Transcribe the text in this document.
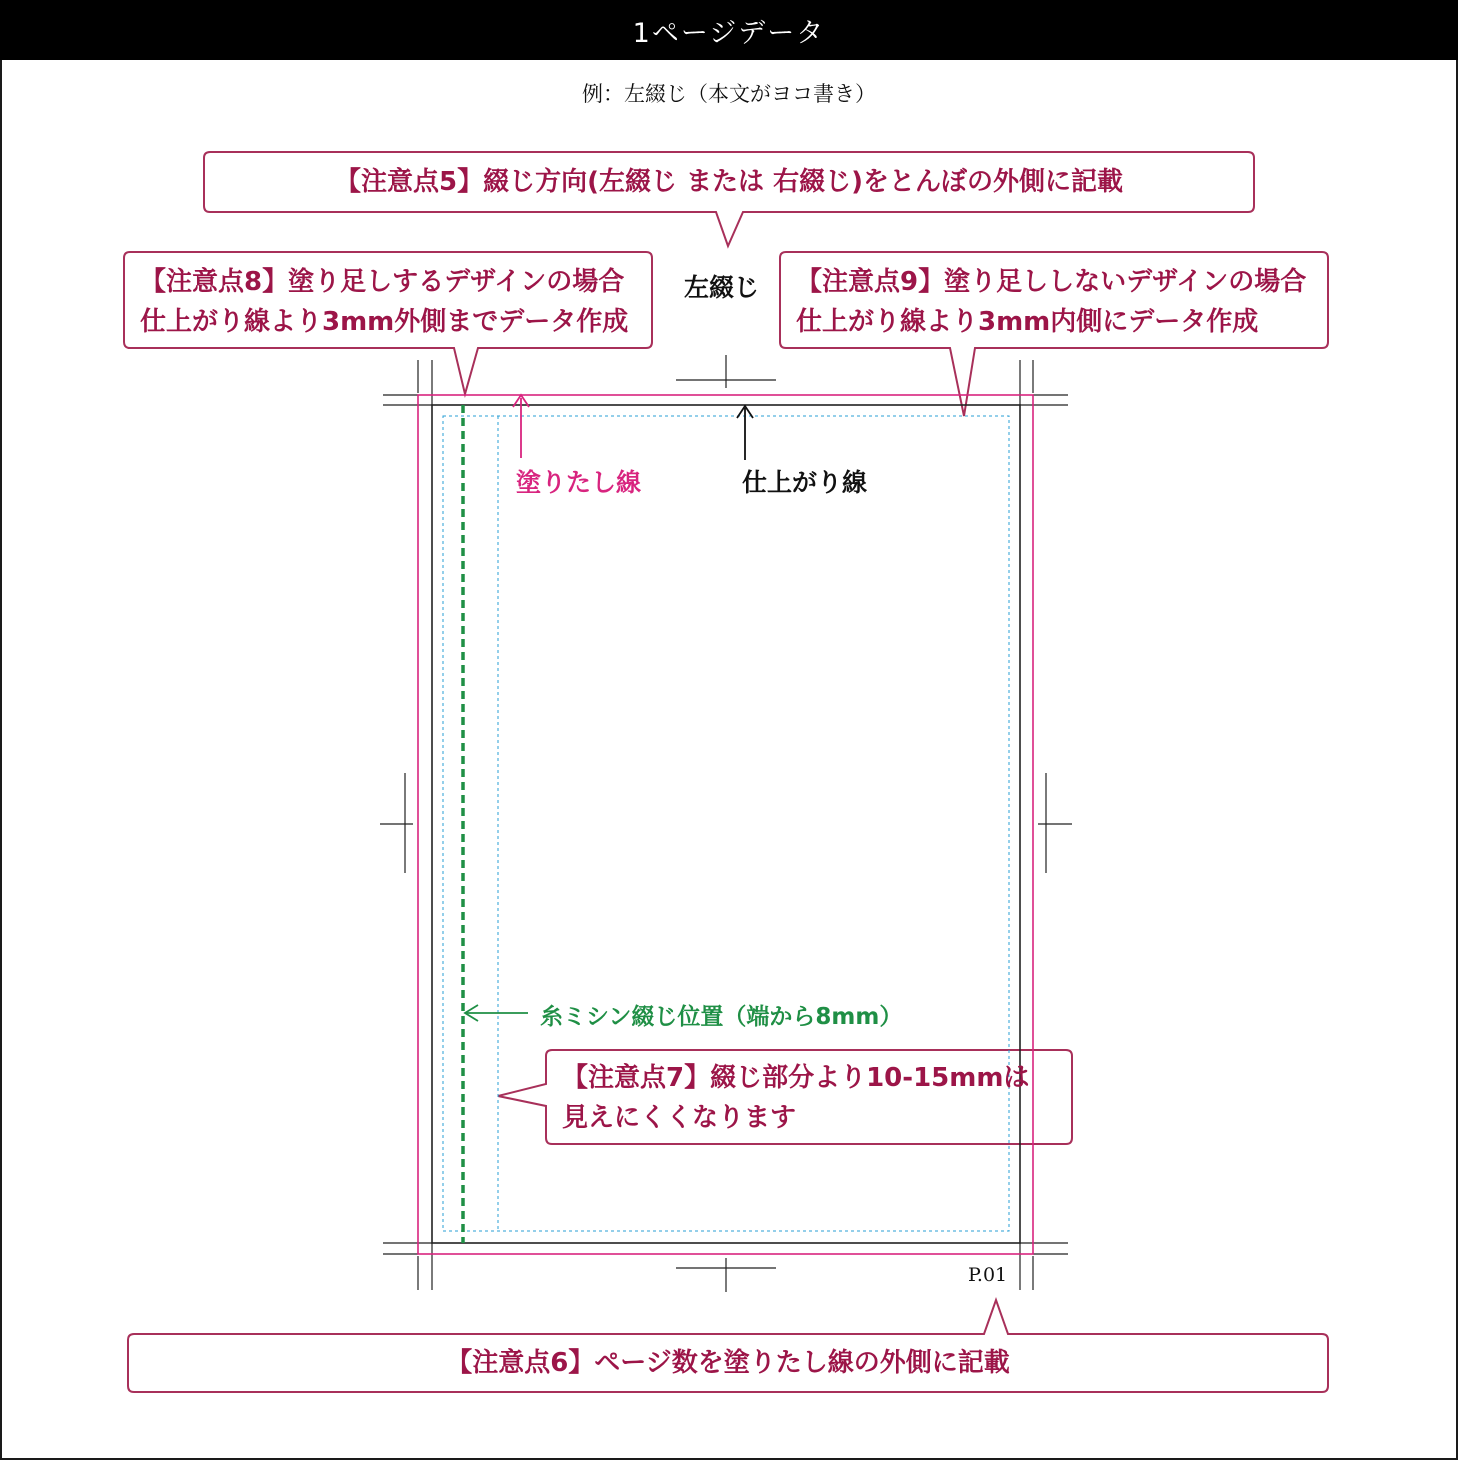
1ページデータ
例：左綴じ（本文がヨコ書き）
【注意点5】綴じ方向(左綴じ または 右綴じ)をとんぼの外側に記載
【注意点8】塗り足しするデザインの場合
仕上がり線より3mm外側までデータ作成
【注意点9】塗り足ししないデザインの場合
仕上がり線より3mm内側にデータ作成
【注意点7】綴じ部分より10-15mmは
見えにくくなります
【注意点6】ページ数を塗りたし線の外側に記載
左綴じ
塗りたし線	仕上がり線
糸ミシン綴じ位置（端から8mm）
P.01
